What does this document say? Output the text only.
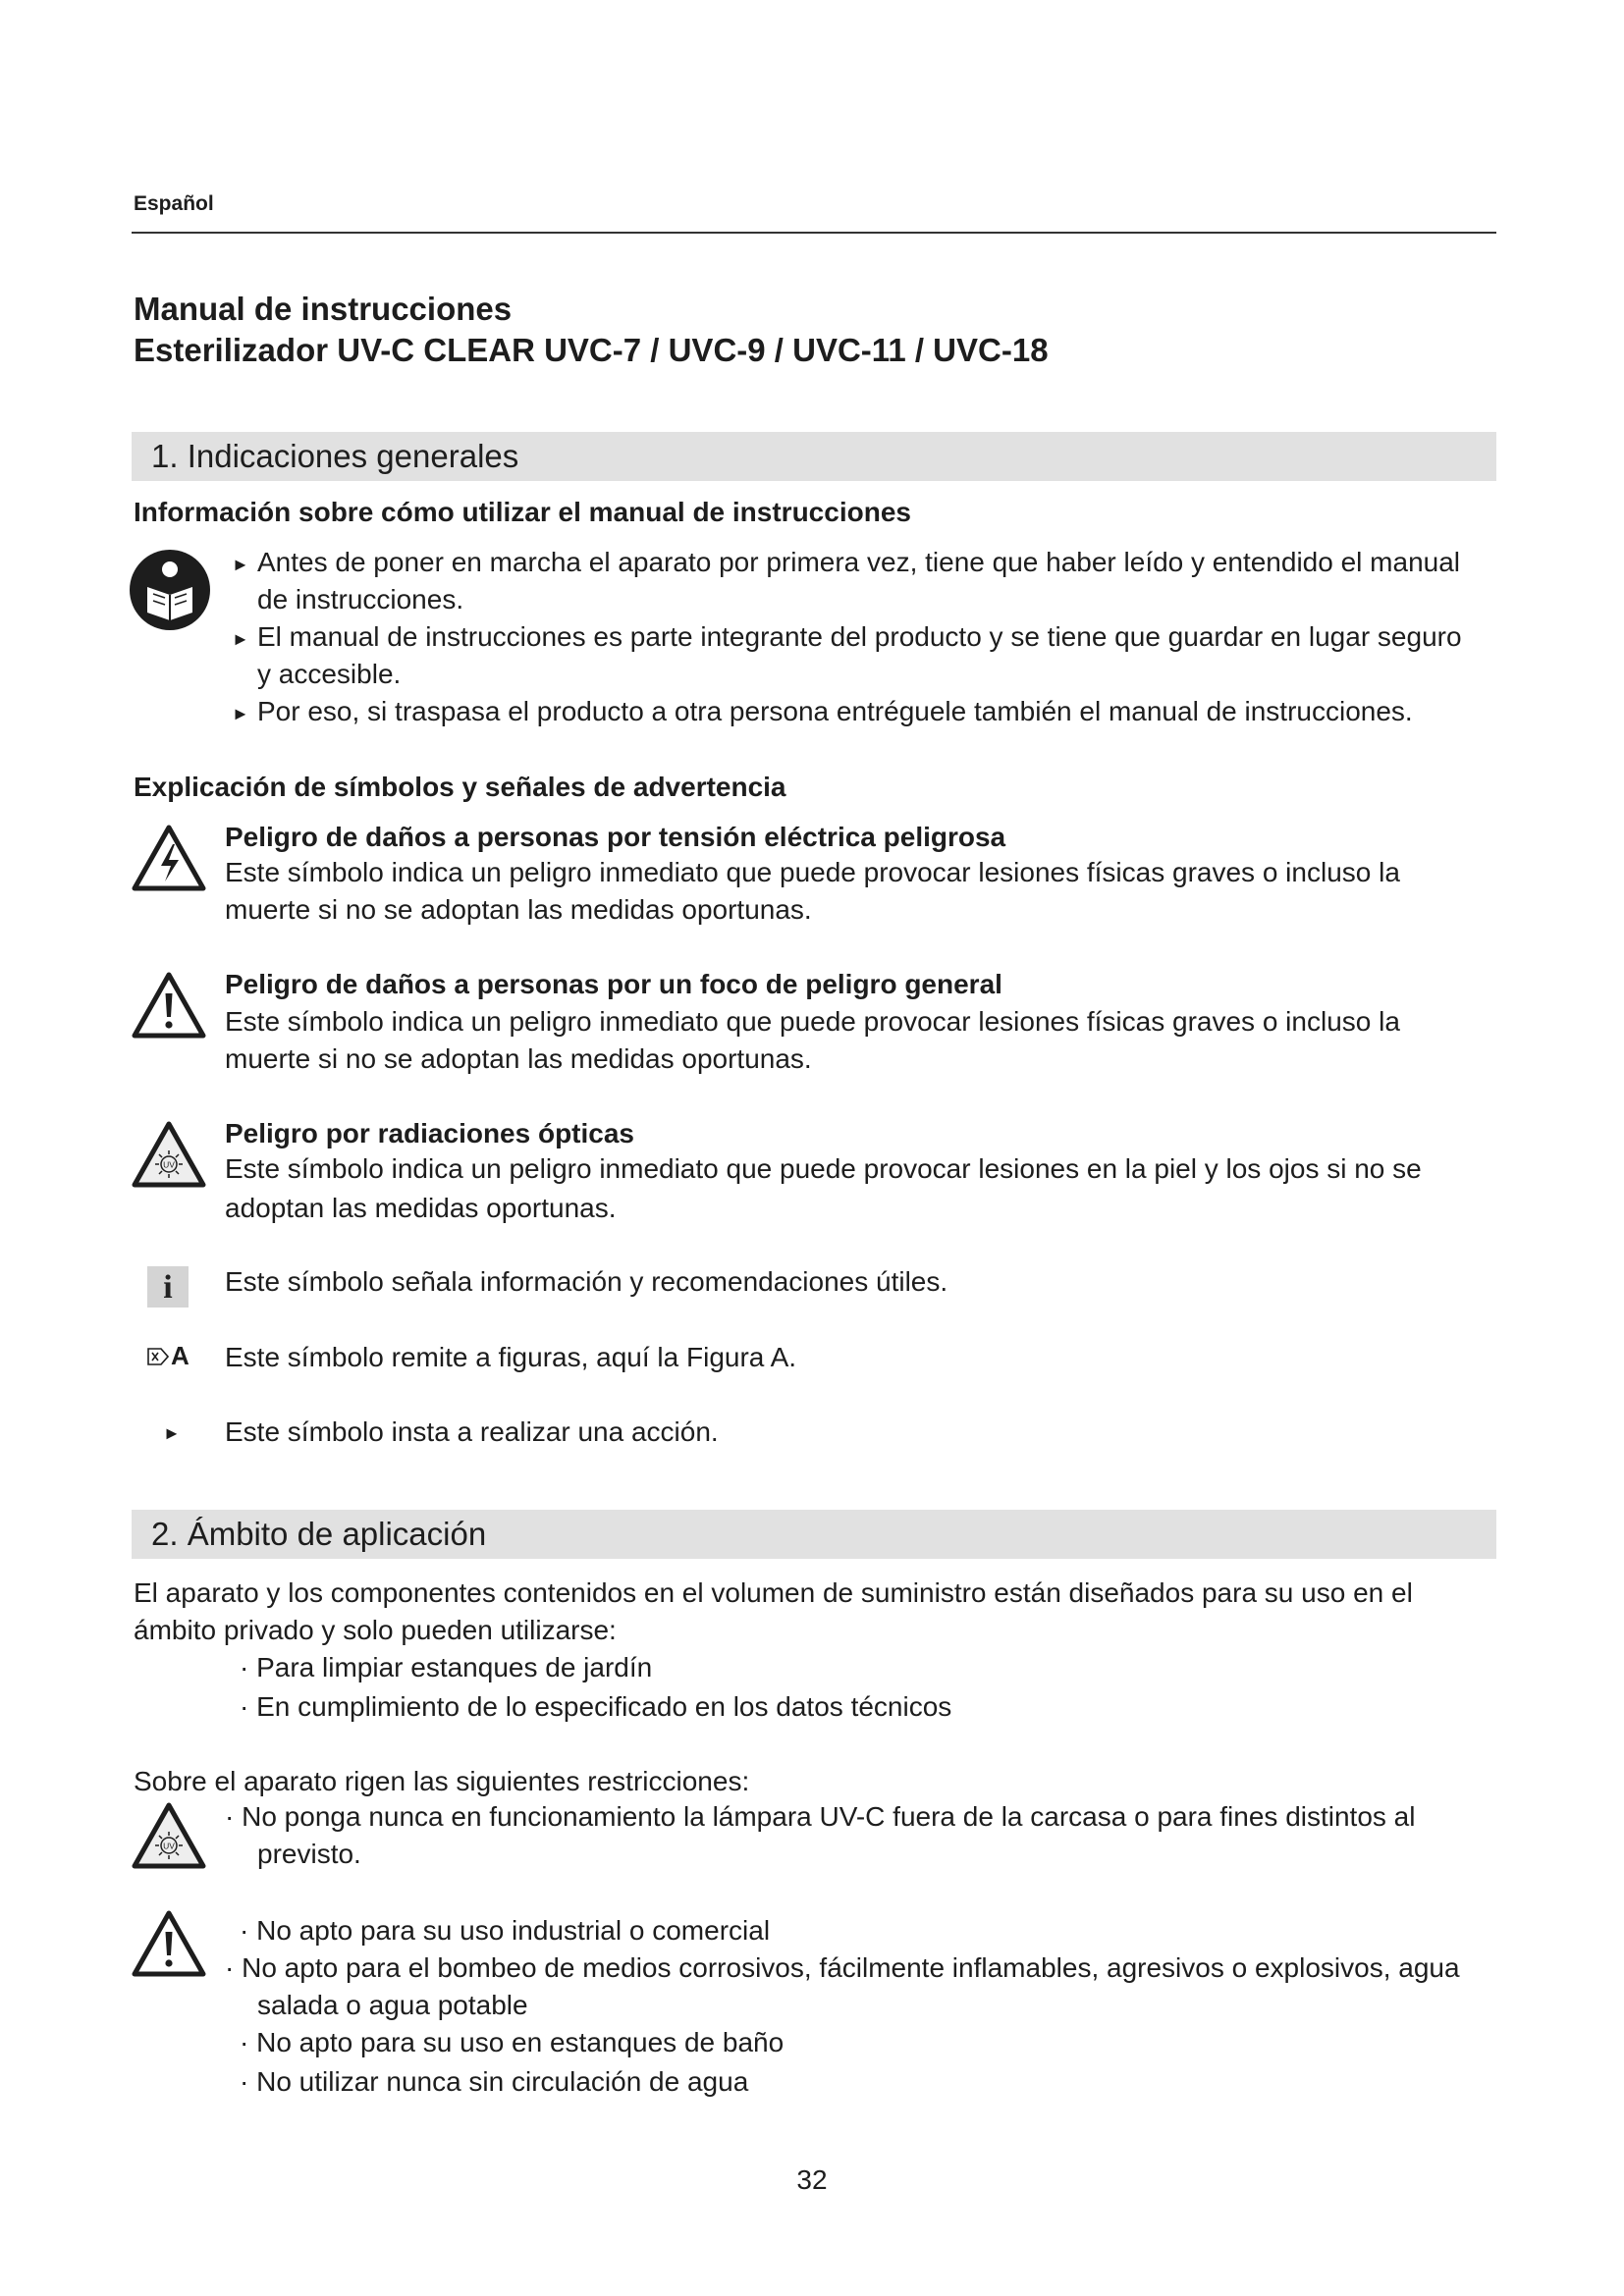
Español
Manual de instrucciones
Esterilizador UV-C CLEAR UVC-7 / UVC-9 / UVC-11 / UVC-18
1. Indicaciones generales
Información sobre cómo utilizar el manual de instrucciones
► Antes de poner en marcha el aparato por primera vez, tiene que haber leído y entendido el manual
de instrucciones.
► El manual de instrucciones es parte integrante del producto y se tiene que guardar en lugar seguro
y accesible.
► Por eso, si traspasa el producto a otra persona entréguele también el manual de instrucciones.
Explicación de símbolos y señales de advertencia
Peligro de daños a personas por tensión eléctrica peligrosa
Este símbolo indica un peligro inmediato que puede provocar lesiones físicas graves o incluso la
muerte si no se adoptan las medidas oportunas.
Peligro de daños a personas por un foco de peligro general
Este símbolo indica un peligro inmediato que puede provocar lesiones físicas graves o incluso la
muerte si no se adoptan las medidas oportunas.
UV
Peligro por radiaciones ópticas
Este símbolo indica un peligro inmediato que puede provocar lesiones en la piel y los ojos si no se
adoptan las medidas oportunas.
i	Este símbolo señala información y recomendaciones útiles.
A Este símbolo remite a figuras, aquí la Figura A.
► Este símbolo insta a realizar una acción.
2. Ámbito de aplicación
El aparato y los componentes contenidos en el volumen de suministro están diseñados para su uso en el
ámbito privado y solo pueden utilizarse:
· Para limpiar estanques de jardín
· En cumplimiento de lo especificado en los datos técnicos
Sobre el aparato rigen las siguientes restricciones:
UV
· No ponga nunca en funcionamiento la lámpara UV-C fuera de la carcasa o para fines distintos al
previsto.
· No apto para su uso industrial o comercial
· No apto para el bombeo de medios corrosivos, fácilmente inflamables, agresivos o explosivos, agua
salada o agua potable
· No apto para su uso en estanques de baño
· No utilizar nunca sin circulación de agua
32
